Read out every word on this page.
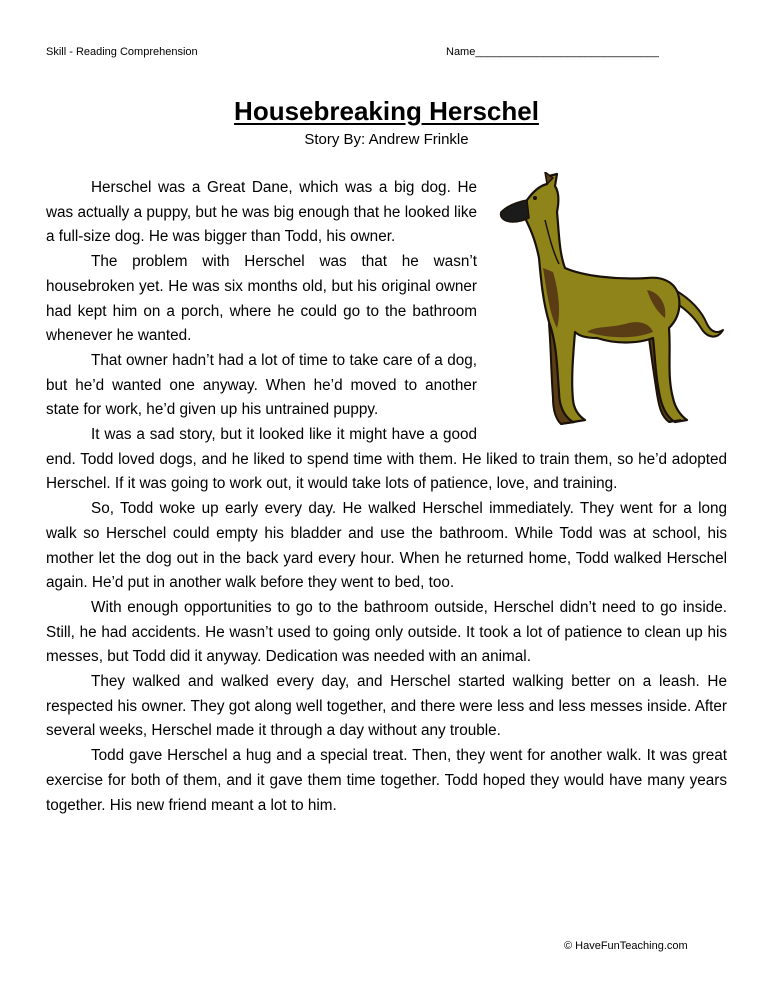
Skill - Reading Comprehension	Name______________________________
Housebreaking Herschel
Story By: Andrew Frinkle

Herschel was a Great Dane, which was a big dog. He was actually a puppy, but he was big enough that he looked like a full-size dog. He was bigger than Todd, his owner.

The problem with Herschel was that he wasn’t housebroken yet. He was six months old, but his original owner had kept him on a porch, where he could go to the bathroom whenever he wanted.

That owner hadn’t had a lot of time to take care of a dog, but he’d wanted one anyway. When he’d moved to another state for work, he’d given up his untrained puppy.

It was a sad story, but it looked like it might have a good end. Todd loved dogs, and he liked to spend time with them. He liked to train them, so he’d adopted Herschel. If it was going to work out, it would take lots of patience, love, and training.

So, Todd woke up early every day. He walked Herschel immediately. They went for a long walk so Herschel could empty his bladder and use the bathroom. While Todd was at school, his mother let the dog out in the back yard every hour. When he returned home, Todd walked Herschel again. He’d put in another walk before they went to bed, too.

With enough opportunities to go to the bathroom outside, Herschel didn’t need to go inside. Still, he had accidents. He wasn’t used to going only outside. It took a lot of patience to clean up his messes, but Todd did it anyway. Dedication was needed with an animal.

They walked and walked every day, and Herschel started walking better on a leash. He respected his owner. They got along well together, and there were less and less messes inside. After several weeks, Herschel made it through a day without any trouble.

Todd gave Herschel a hug and a special treat. Then, they went for another walk. It was great exercise for both of them, and it gave them time together. Todd hoped they would have many years together. His new friend meant a lot to him.

© HaveFunTeaching.com
